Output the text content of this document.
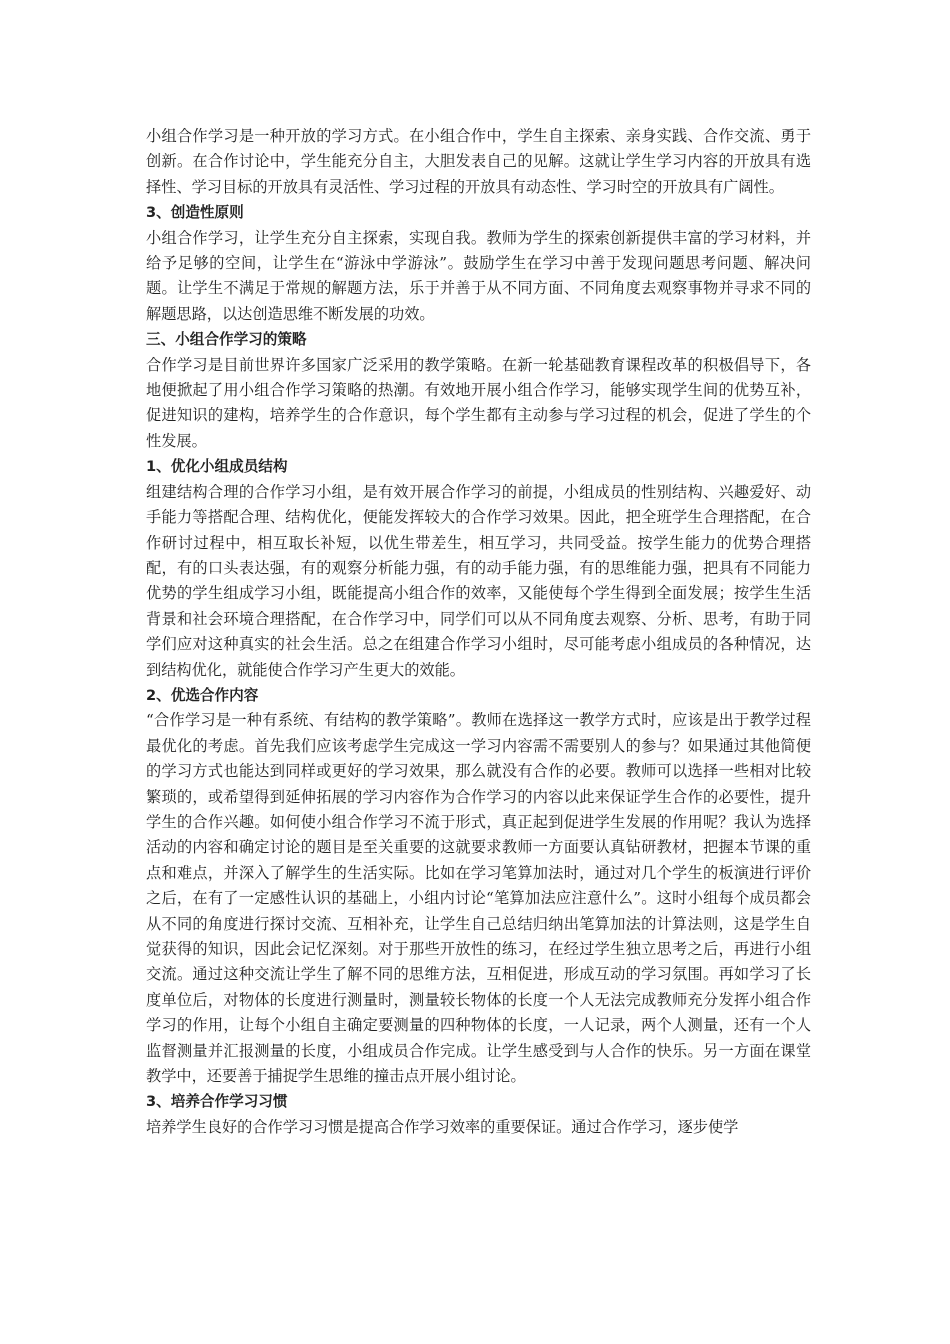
小组合作学习是一种开放的学习方式。在小组合作中，学生自主探索、亲身实践、合作交流、勇于创新。在合作讨论中，学生能充分自主，大胆发表自己的见解。这就让学生学习内容的开放具有选择性、学习目标的开放具有灵活性、学习过程的开放具有动态性、学习时空的开放具有广阔性。

3、创造性原则

小组合作学习，让学生充分自主探索，实现自我。教师为学生的探索创新提供丰富的学习材料，并给予足够的空间，让学生在“游泳中学游泳”。鼓励学生在学习中善于发现问题思考问题、解决问题。让学生不满足于常规的解题方法，乐于并善于从不同方面、不同角度去观察事物并寻求不同的解题思路，以达创造思维不断发展的功效。

三、小组合作学习的策略

合作学习是目前世界许多国家广泛采用的教学策略。在新一轮基础教育课程改革的积极倡导下，各地便掀起了用小组合作学习策略的热潮。有效地开展小组合作学习，能够实现学生间的优势互补，促进知识的建构，培养学生的合作意识，每个学生都有主动参与学习过程的机会，促进了学生的个性发展。

1、优化小组成员结构

组建结构合理的合作学习小组，是有效开展合作学习的前提，小组成员的性别结构、兴趣爱好、动手能力等搭配合理、结构优化，便能发挥较大的合作学习效果。因此，把全班学生合理搭配，在合作研讨过程中，相互取长补短，以优生带差生，相互学习，共同受益。按学生能力的优势合理搭配，有的口头表达强，有的观察分析能力强，有的动手能力强，有的思维能力强，把具有不同能力优势的学生组成学习小组，既能提高小组合作的效率，又能使每个学生得到全面发展；按学生生活背景和社会环境合理搭配，在合作学习中，同学们可以从不同角度去观察、分析、思考，有助于同学们应对这种真实的社会生活。总之在组建合作学习小组时，尽可能考虑小组成员的各种情况，达到结构优化，就能使合作学习产生更大的效能。

2、优选合作内容

“合作学习是一种有系统、有结构的教学策略”。教师在选择这一教学方式时，应该是出于教学过程最优化的考虑。首先我们应该考虑学生完成这一学习内容需不需要别人的参与？如果通过其他简便的学习方式也能达到同样或更好的学习效果，那么就没有合作的必要。教师可以选择一些相对比较繁琐的，或希望得到延伸拓展的学习内容作为合作学习的内容以此来保证学生合作的必要性，提升学生的合作兴趣。如何使小组合作学习不流于形式，真正起到促进学生发展的作用呢？我认为选择活动的内容和确定讨论的题目是至关重要的这就要求教师一方面要认真钻研教材，把握本节课的重点和难点，并深入了解学生的生活实际。比如在学习笔算加法时，通过对几个学生的板演进行评价之后，在有了一定感性认识的基础上，小组内讨论“笔算加法应注意什么”。这时小组每个成员都会从不同的角度进行探讨交流、互相补充，让学生自己总结归纳出笔算加法的计算法则，这是学生自觉获得的知识，因此会记忆深刻。对于那些开放性的练习，在经过学生独立思考之后，再进行小组交流。通过这种交流让学生了解不同的思维方法，互相促进，形成互动的学习氛围。再如学习了长度单位后，对物体的长度进行测量时，测量较长物体的长度一个人无法完成教师充分发挥小组合作学习的作用，让每个小组自主确定要测量的四种物体的长度，一人记录，两个人测量，还有一个人监督测量并汇报测量的长度，小组成员合作完成。让学生感受到与人合作的快乐。另一方面在课堂教学中，还要善于捕捉学生思维的撞击点开展小组讨论。

3、培养合作学习习惯

培养学生良好的合作学习习惯是提高合作学习效率的重要保证。通过合作学习，逐步使学
